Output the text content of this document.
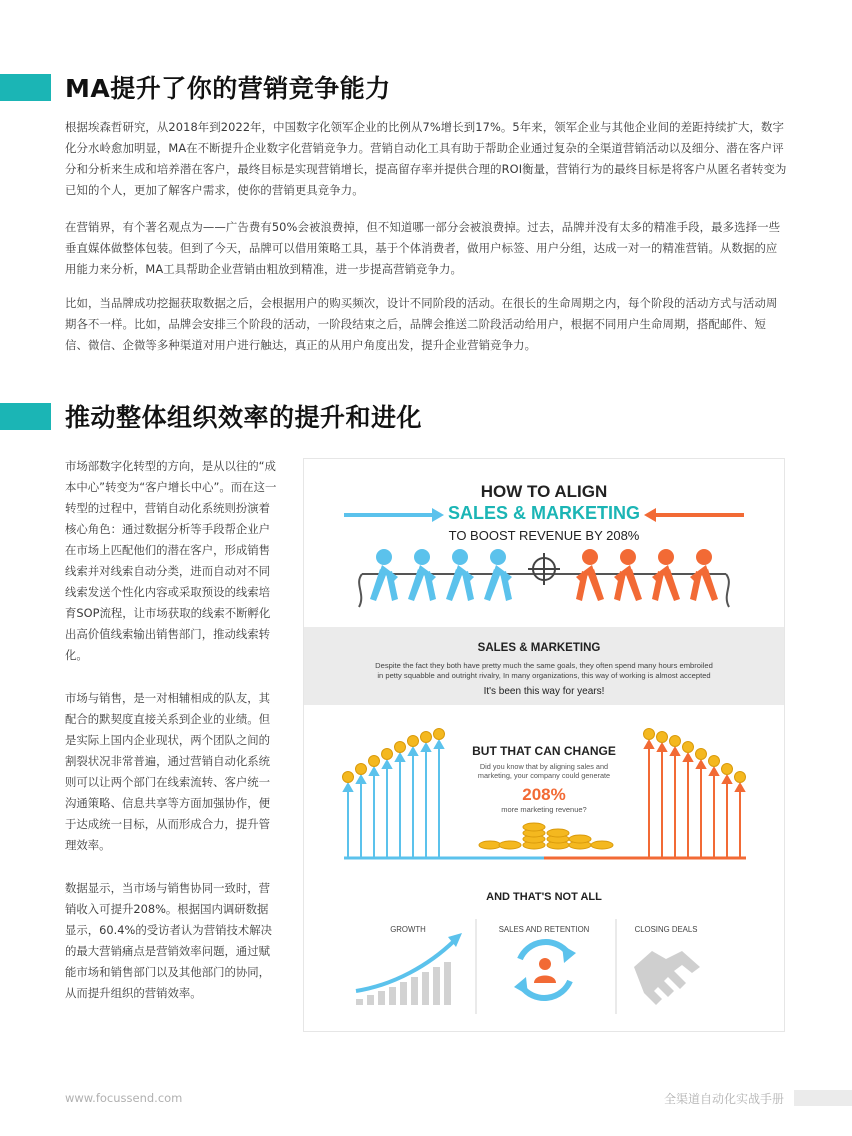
MA提升了你的营销竞争能力

根据埃森哲研究，从2018年到2022年，中国数字化领军企业的比例从7%增长到17%。5年来，领军企业与其他企业间的差距持续扩大，数字化分水岭愈加明显，MA在不断提升企业数字化营销竞争力。营销自动化工具有助于帮助企业通过复杂的全渠道营销活动以及细分、潜在客户评分和分析来生成和培养潜在客户，最终目标是实现营销增长，提高留存率并提供合理的ROI衡量，营销行为的最终目标是将客户从匿名者转变为已知的个人，更加了解客户需求，使你的营销更具竞争力。

在营销界，有个著名观点为——广告费有50%会被浪费掉，但不知道哪一部分会被浪费掉。过去，品牌并没有太多的精准手段，最多选择一些垂直媒体做整体包装。但到了今天，品牌可以借用策略工具，基于个体消费者，做用户标签、用户分组，达成一对一的精准营销。从数据的应用能力来分析，MA工具帮助企业营销由粗放到精准，进一步提高营销竞争力。

比如，当品牌成功挖掘获取数据之后，会根据用户的购买频次，设计不同阶段的活动。在很长的生命周期之内，每个阶段的活动方式与活动周期各不一样。比如，品牌会安排三个阶段的活动，一阶段结束之后，品牌会推送二阶段活动给用户，根据不同用户生命周期，搭配邮件、短信、微信、企微等多种渠道对用户进行触达，真正的从用户角度出发，提升企业营销竞争力。

推动整体组织效率的提升和进化

市场部数字化转型的方向，是从以往的“成本中心”转变为“客户增长中心”。而在这一转型的过程中，营销自动化系统则扮演着核心角色：通过数据分析等手段帮企业户在市场上匹配他们的潜在客户，形成销售线索并对线索自动分类，进而自动对不同线索发送个性化内容或采取预设的线索培育SOP流程，让市场获取的线索不断孵化出高价值线索输出销售部门，推动线索转化。

市场与销售，是一对相辅相成的队友，其配合的默契度直接关系到企业的业绩。但是实际上国内企业现状，两个团队之间的割裂状况非常普遍，通过营销自动化系统则可以让两个部门在线索流转、客户统一沟通策略、信息共享等方面加强协作，便于达成统一目标，从而形成合力，提升管理效率。

数据显示，当市场与销售协同一致时，营销收入可提升208%。根据国内调研数据显示，60.4%的受访者认为营销技术解决的最大营销痛点是营销效率问题，通过赋能市场和销售部门以及其他部门的协同，从而提升组织的营销效率。

HOW TO ALIGN
SALES & MARKETING
TO BOOST REVENUE BY 208%
SALES & MARKETING
Despite the fact they both have pretty much the same goals, they often spend many hours embroiled
in petty squabble and outright rivalry, In many organizations, this way of working is almost accepted
It's been this way for years!
BUT THAT CAN CHANGE
Did you know that by aligning sales and
marketing, your company could generate
208%
more marketing revenue?
AND THAT'S NOT ALL
GROWTH	SALES AND RETENTION	CLOSING DEALS
www.focussend.com	全渠道自动化实战手册
